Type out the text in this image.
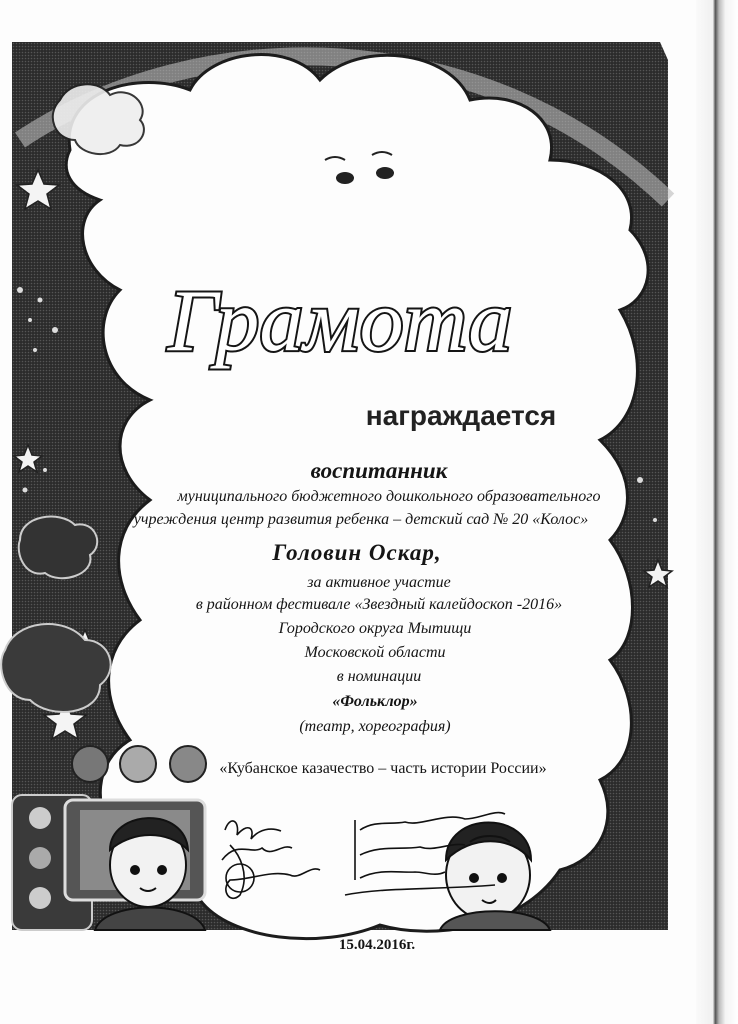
Грамота
награждается
воспитанник
муниципального бюджетного дошкольного образовательного
учреждения центр развития ребенка – детский сад № 20 «Колос»
Головин Оскар,
за активное участие
в районном фестивале «Звездный калейдоскоп -2016»
Городского округа Мытищи
Московской области
в номинации
«Фольклор»
(театр, хореография)
«Кубанское казачество – часть истории России»
15.04.2016г.
